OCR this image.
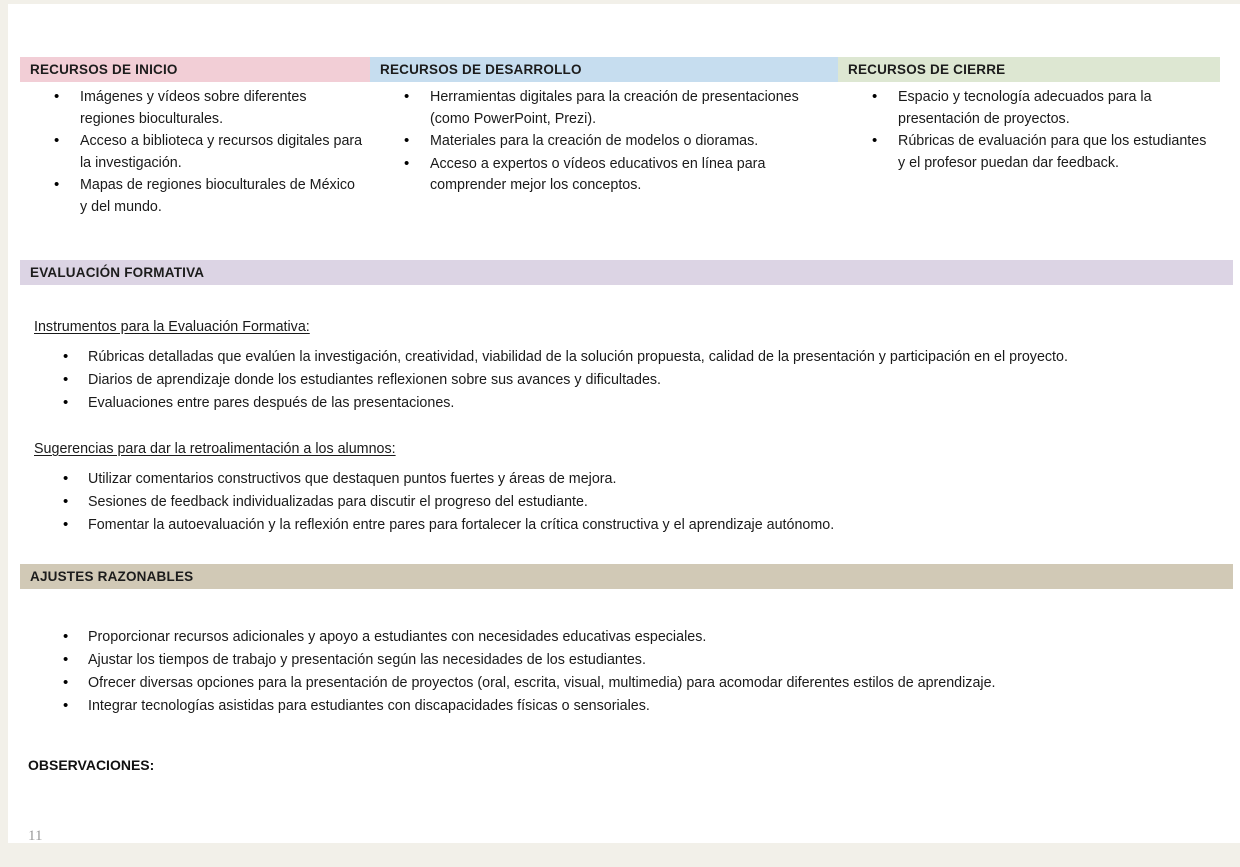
RECURSOS DE INICIO
• Imágenes y vídeos sobre diferentes regiones bioculturales.
• Acceso a biblioteca y recursos digitales para la investigación.
• Mapas de regiones bioculturales de México y del mundo.
RECURSOS DE DESARROLLO
• Herramientas digitales para la creación de presentaciones (como PowerPoint, Prezi).
• Materiales para la creación de modelos o dioramas.
• Acceso a expertos o vídeos educativos en línea para comprender mejor los conceptos.
RECURSOS DE CIERRE
• Espacio y tecnología adecuados para la presentación de proyectos.
• Rúbricas de evaluación para que los estudiantes y el profesor puedan dar feedback.
EVALUACIÓN FORMATIVA
Instrumentos para la Evaluación Formativa:
• Rúbricas detalladas que evalúen la investigación, creatividad, viabilidad de la solución propuesta, calidad de la presentación y participación en el proyecto.
• Diarios de aprendizaje donde los estudiantes reflexionen sobre sus avances y dificultades.
• Evaluaciones entre pares después de las presentaciones.
Sugerencias para dar la retroalimentación a los alumnos:
• Utilizar comentarios constructivos que destaquen puntos fuertes y áreas de mejora.
• Sesiones de feedback individualizadas para discutir el progreso del estudiante.
• Fomentar la autoevaluación y la reflexión entre pares para fortalecer la crítica constructiva y el aprendizaje autónomo.
AJUSTES RAZONABLES
• Proporcionar recursos adicionales y apoyo a estudiantes con necesidades educativas especiales.
• Ajustar los tiempos de trabajo y presentación según las necesidades de los estudiantes.
• Ofrecer diversas opciones para la presentación de proyectos (oral, escrita, visual, multimedia) para acomodar diferentes estilos de aprendizaje.
• Integrar tecnologías asistidas para estudiantes con discapacidades físicas o sensoriales.
OBSERVACIONES:
11
